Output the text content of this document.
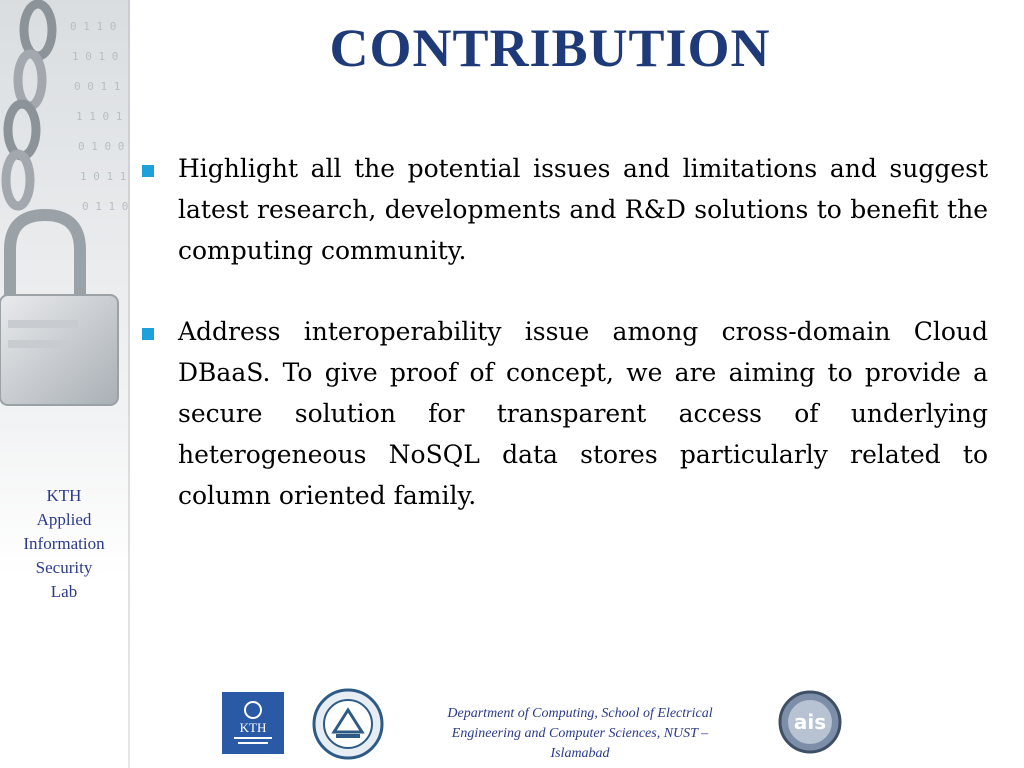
0 1 1 0
1 0 1 0
0 0 1 1
1 1 0 1
0 1 0 0
1 0 1 1
0 1 1 0
KTH
Applied
Information
Security
Lab
CONTRIBUTION
Highlight all the potential issues and limitations and suggest latest research, developments and R&D solutions to benefit the computing community.
Address interoperability issue among cross-domain Cloud DBaaS. To give proof of concept, we are aiming to provide a secure solution for transparent access of underlying heterogeneous NoSQL data stores particularly related to column oriented family.
KTH
Department of Computing, School of Electrical
Engineering and Computer Sciences, NUST –
Islamabad
ais
